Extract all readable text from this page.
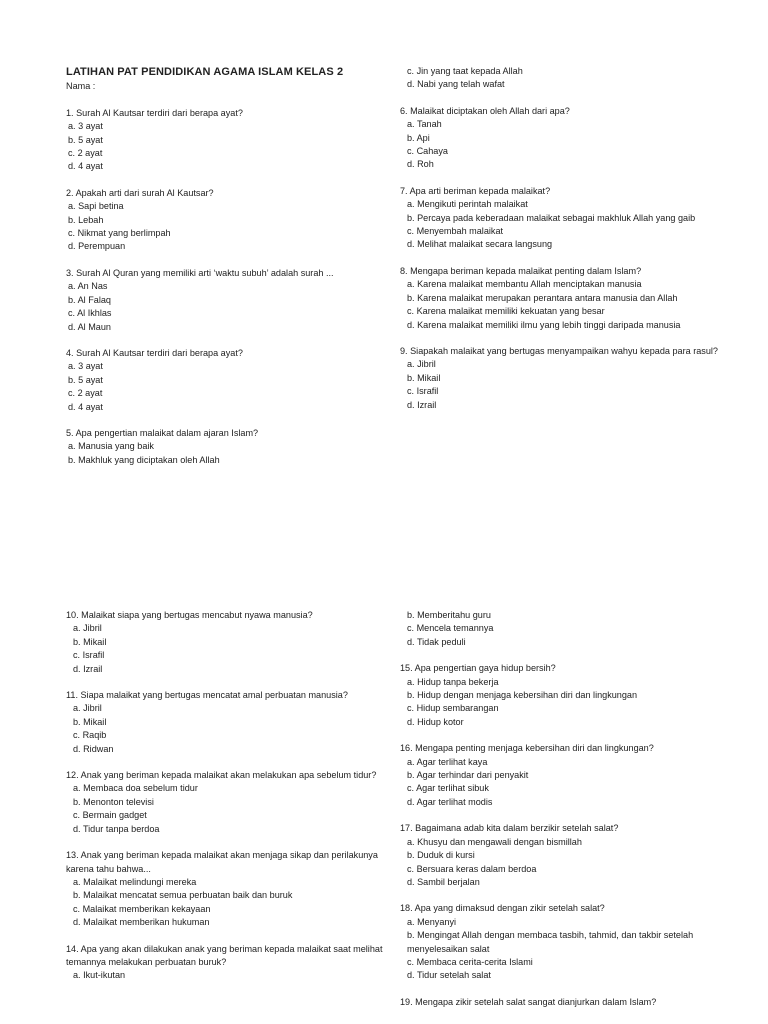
LATIHAN PAT PENDIDIKAN AGAMA ISLAM KELAS 2
Nama :
1. Surah Al Kautsar terdiri dari berapa ayat?
a. 3 ayat
b. 5 ayat
c. 2 ayat
d. 4 ayat
2. Apakah arti dari surah Al Kautsar?
a. Sapi betina
b. Lebah
c. Nikmat yang berlimpah
d. Perempuan
3. Surah Al Quran yang memiliki arti ‘waktu subuh’ adalah surah ...
a. An Nas
b. Al Falaq
c. Al Ikhlas
d. Al Maun
4. Surah Al Kautsar terdiri dari berapa ayat?
a. 3 ayat
b. 5 ayat
c. 2 ayat
d. 4 ayat
5. Apa pengertian malaikat dalam ajaran Islam?
a. Manusia yang baik
b. Makhluk yang diciptakan oleh Allah
c. Jin yang taat kepada Allah
d. Nabi yang telah wafat
6. Malaikat diciptakan oleh Allah dari apa?
a. Tanah
b. Api
c. Cahaya
d. Roh
7. Apa arti beriman kepada malaikat?
a. Mengikuti perintah malaikat
b. Percaya pada keberadaan malaikat sebagai makhluk Allah yang gaib
c. Menyembah malaikat
d. Melihat malaikat secara langsung
8. Mengapa beriman kepada malaikat penting dalam Islam?
a. Karena malaikat membantu Allah menciptakan manusia
b. Karena malaikat merupakan perantara antara manusia dan Allah
c. Karena malaikat memiliki kekuatan yang besar
d. Karena malaikat memiliki ilmu yang lebih tinggi daripada manusia
9. Siapakah malaikat yang bertugas menyampaikan wahyu kepada para rasul?
a. Jibril
b. Mikail
c. Israfil
d. Izrail
10. Malaikat siapa yang bertugas mencabut nyawa manusia?
a. Jibril
b. Mikail
c. Israfil
d. Izrail
11. Siapa malaikat yang bertugas mencatat amal perbuatan manusia?
a. Jibril
b. Mikail
c. Raqib
d. Ridwan
12. Anak yang beriman kepada malaikat akan melakukan apa sebelum tidur?
a. Membaca doa sebelum tidur
b. Menonton televisi
c. Bermain gadget
d. Tidur tanpa berdoa
13. Anak yang beriman kepada malaikat akan menjaga sikap dan perilakunya karena tahu bahwa...
a. Malaikat melindungi mereka
b. Malaikat mencatat semua perbuatan baik dan buruk
c. Malaikat memberikan kekayaan
d. Malaikat memberikan hukuman
14. Apa yang akan dilakukan anak yang beriman kepada malaikat saat melihat temannya melakukan perbuatan buruk?
a. Ikut-ikutan
b. Memberitahu guru
c. Mencela temannya
d. Tidak peduli
15. Apa pengertian gaya hidup bersih?
a. Hidup tanpa bekerja
b. Hidup dengan menjaga kebersihan diri dan lingkungan
c. Hidup sembarangan
d. Hidup kotor
16. Mengapa penting menjaga kebersihan diri dan lingkungan?
a. Agar terlihat kaya
b. Agar terhindar dari penyakit
c. Agar terlihat sibuk
d. Agar terlihat modis
17. Bagaimana adab kita dalam berzikir setelah salat?
a. Khusyu dan mengawali dengan bismillah
b. Duduk di kursi
c. Bersuara keras dalam berdoa
d. Sambil berjalan
18. Apa yang dimaksud dengan zikir setelah salat?
a. Menyanyi
b. Mengingat Allah dengan membaca tasbih, tahmid, dan takbir setelah menyelesaikan salat
c. Membaca cerita-cerita Islami
d. Tidur setelah salat
19. Mengapa zikir setelah salat sangat dianjurkan dalam Islam?
